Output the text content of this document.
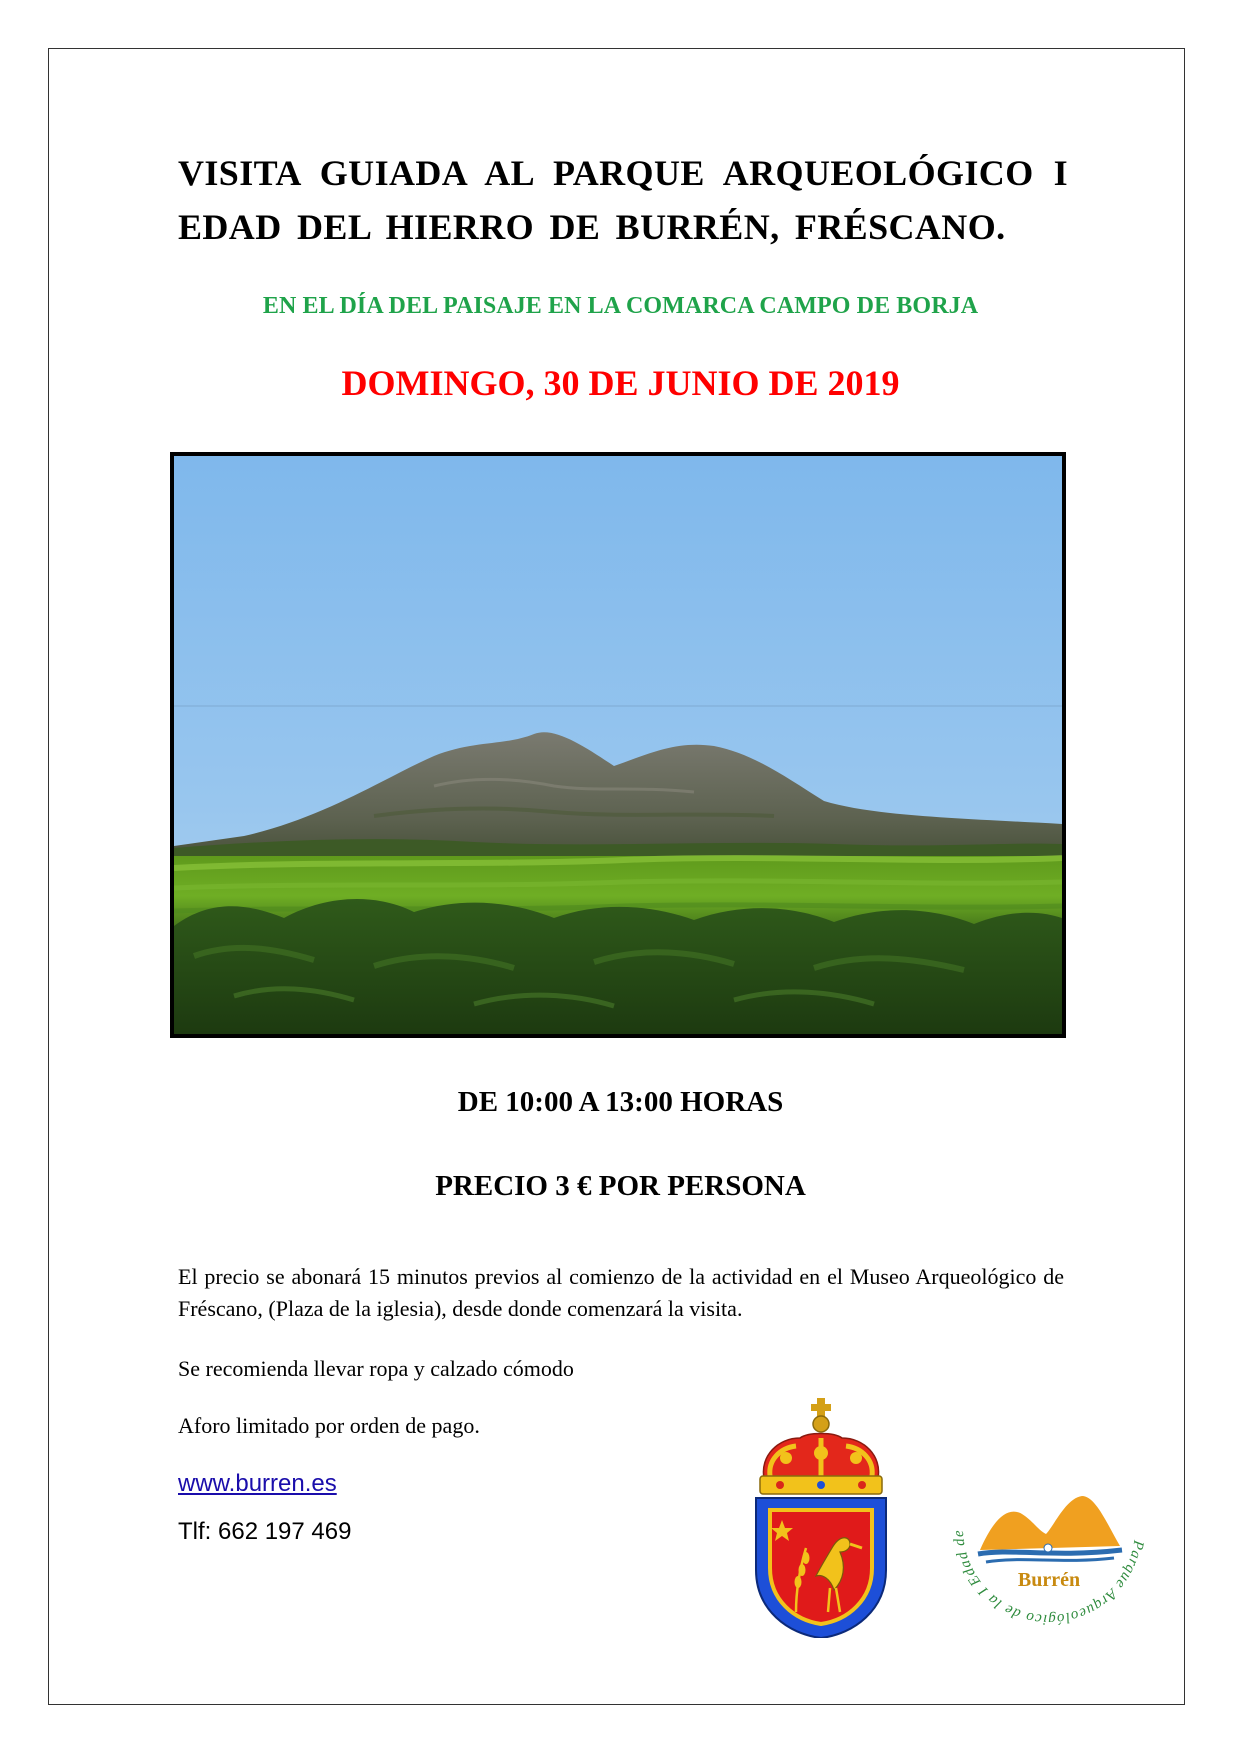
VISITA GUIADA AL PARQUE ARQUEOLÓGICO I EDAD DEL HIERRO DE BURRÉN, FRÉSCANO.

EN EL DÍA DEL PAISAJE EN LA COMARCA CAMPO DE BORJA

DOMINGO, 30 DE JUNIO DE 2019

DE 10:00 A 13:00 HORAS

PRECIO 3 € POR PERSONA

El precio se abonará 15 minutos previos al comienzo de la actividad en el Museo Arqueológico de Fréscano, (Plaza de la iglesia), desde donde comenzará la visita.

Se recomienda llevar ropa y calzado cómodo

Aforo limitado por orden de pago.

www.burren.es

Tlf: 662 197 469

Parque Arqueológico de la I Edad de
Burrén
